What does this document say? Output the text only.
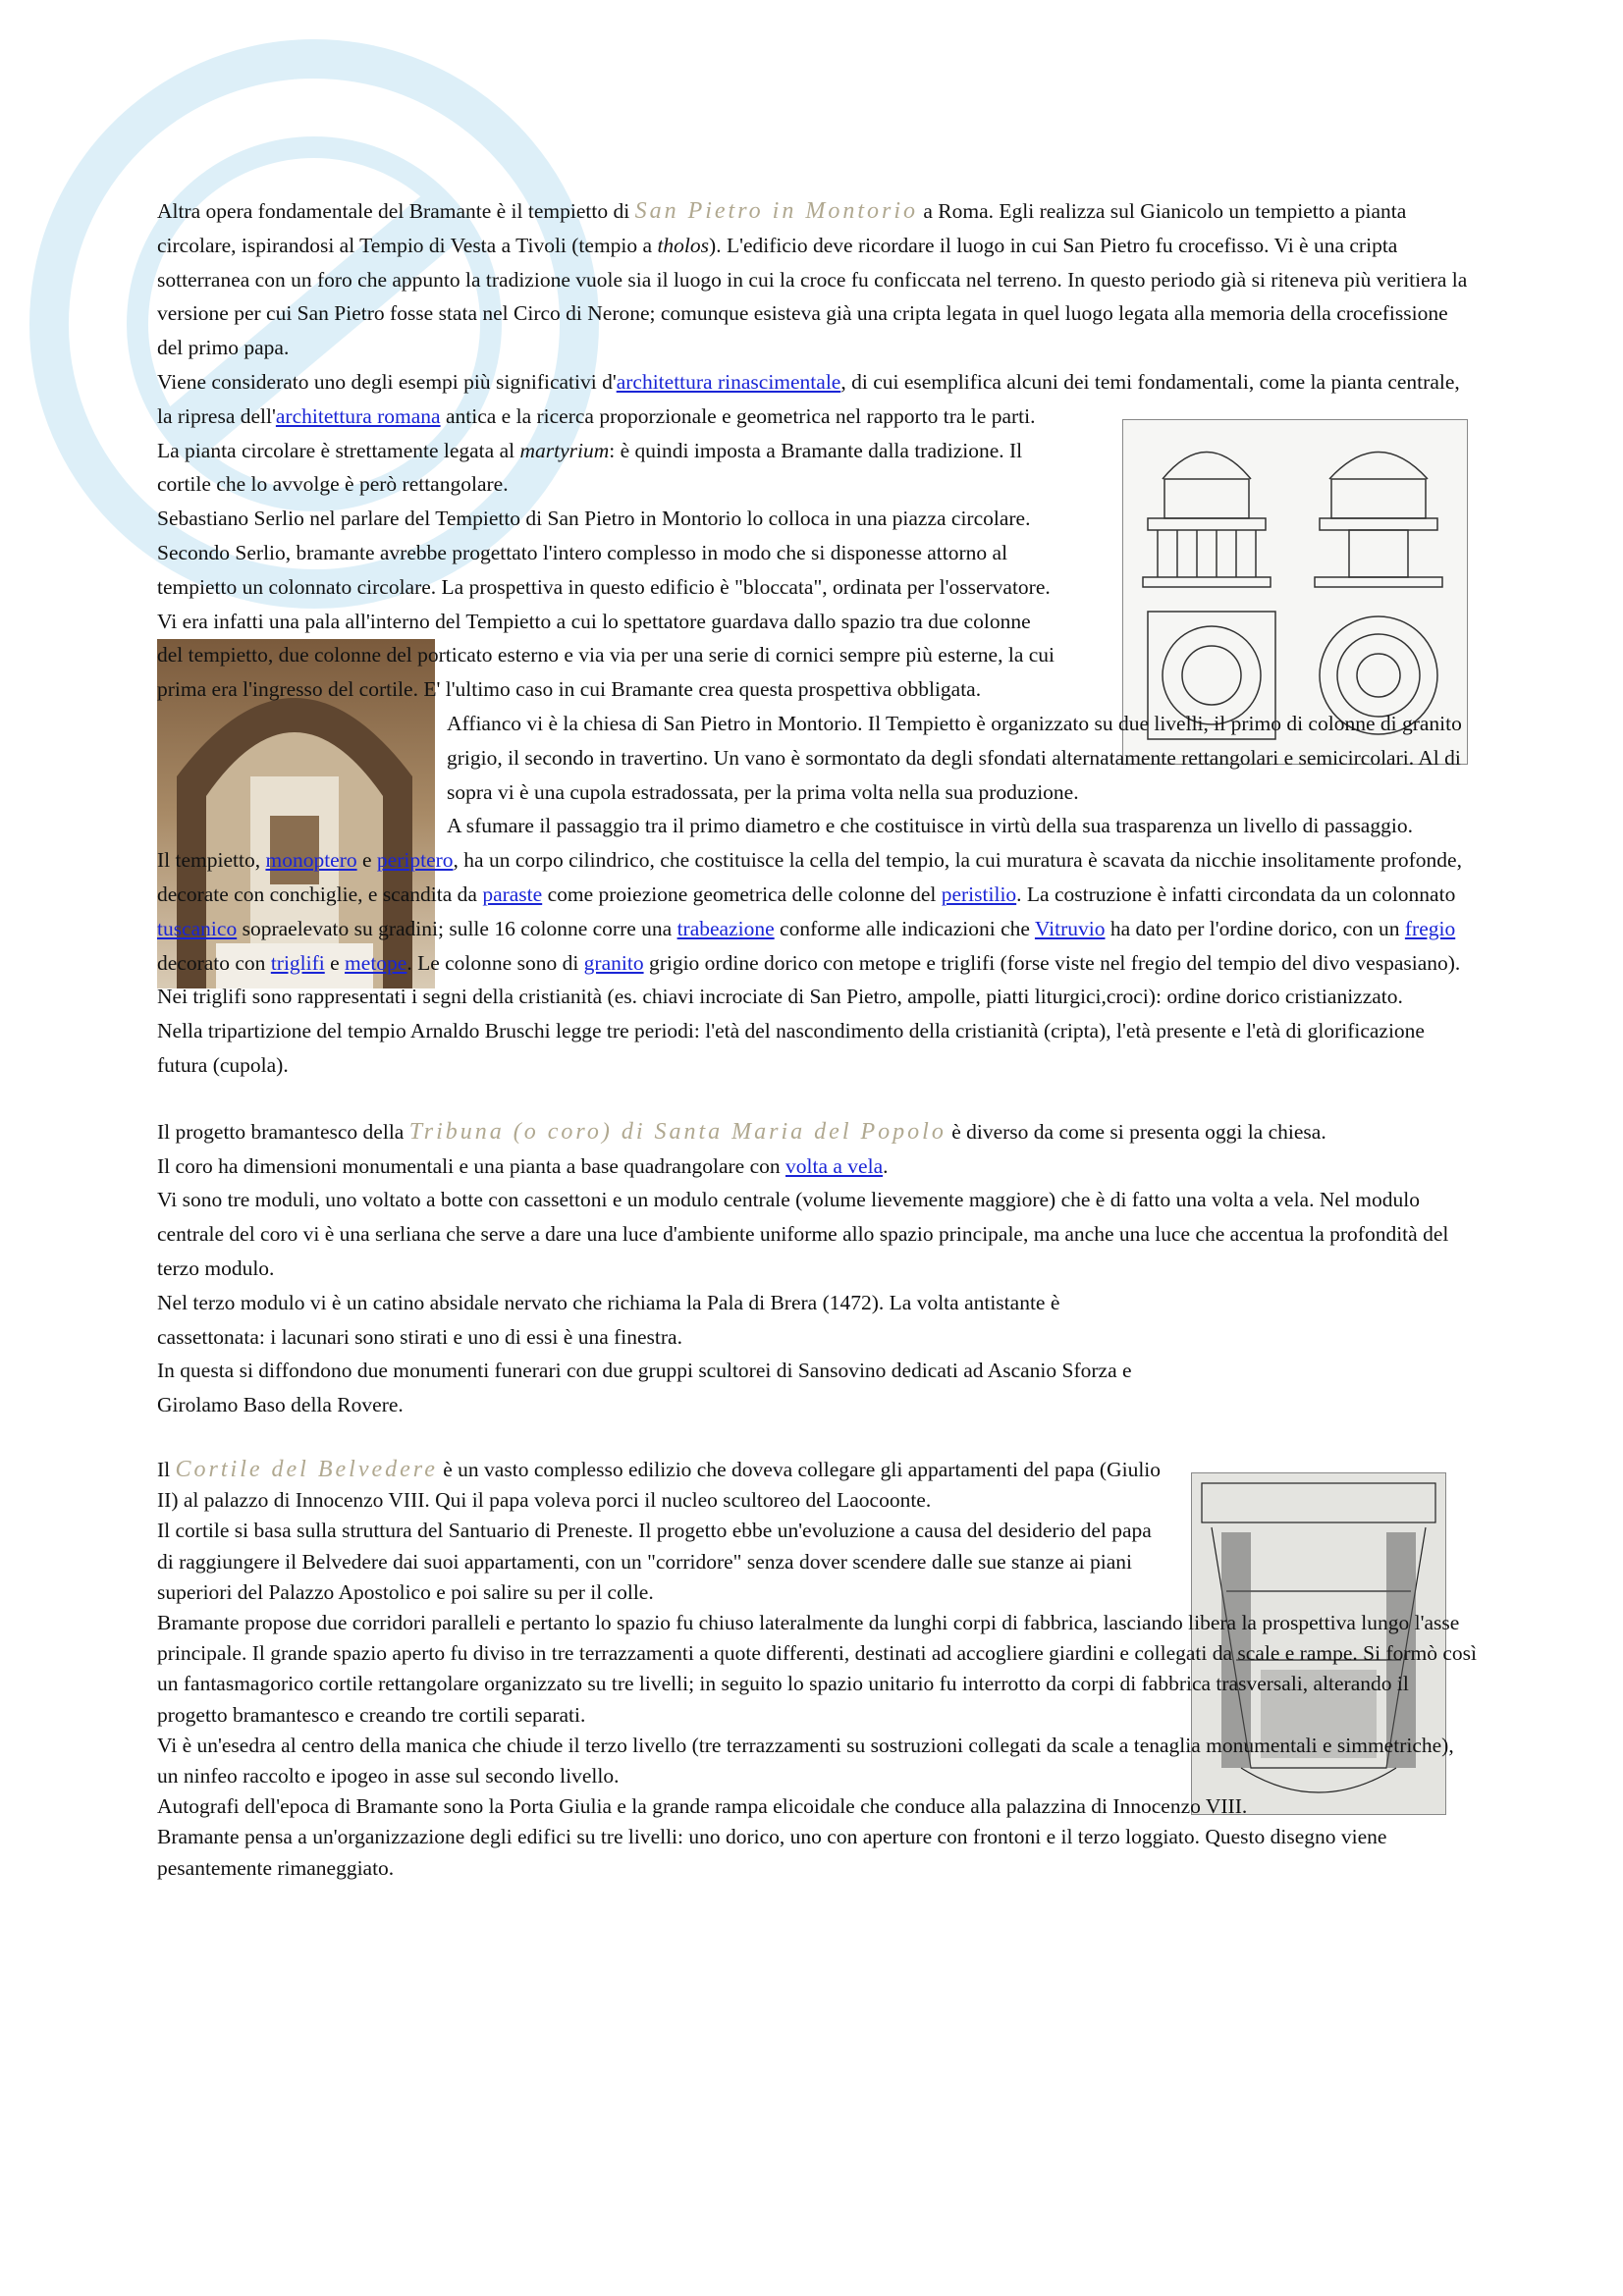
Altra opera fondamentale del Bramante è il tempietto di San Pietro in Montorio a Roma. Egli realizza sul Gianicolo un tempietto a pianta circolare, ispirandosi al Tempio di Vesta a Tivoli (tempio a tholos). L'edificio deve ricordare il luogo in cui San Pietro fu crocefisso. Vi è una cripta sotterranea con un foro che appunto la tradizione vuole sia il luogo in cui la croce fu conficcata nel terreno. In questo periodo già si riteneva più veritiera la versione per cui San Pietro fosse stata nel Circo di Nerone; comunque esisteva già una cripta legata in quel luogo legata alla memoria della crocefissione del primo papa.

Viene considerato uno degli esempi più significativi d'architettura rinascimentale, di cui esemplifica alcuni dei temi fondamentali, come la pianta centrale, la ripresa dell'architettura romana antica e la ricerca proporzionale e geometrica nel rapporto tra le parti.

La pianta circolare è strettamente legata al martyrium: è quindi imposta a Bramante dalla tradizione. Il cortile che lo avvolge è però rettangolare.

Sebastiano Serlio nel parlare del Tempietto di San Pietro in Montorio lo colloca in una piazza circolare. Secondo Serlio, bramante avrebbe progettato l'intero complesso in modo che si disponesse attorno al tempietto un colonnato circolare. La prospettiva in questo edificio è "bloccata", ordinata per l'osservatore. Vi era infatti una pala all'interno del Tempietto a cui lo spettatore guardava dallo spazio tra due colonne del tempietto, due colonne del porticato esterno e via via per una serie di cornici sempre più esterne, la cui prima era l'ingresso del cortile. E' l'ultimo caso in cui Bramante crea questa prospettiva obbligata.

Affianco vi è la chiesa di San Pietro in Montorio. Il Tempietto è organizzato su due livelli, il primo di colonne di granito grigio, il secondo in travertino. Un vano è sormontato da degli sfondati alternatamente rettangolari e semicircolari. Al di sopra vi è una cupola estradossata, per la prima volta nella sua produzione.

A sfumare il passaggio tra il primo diametro e che costituisce in virtù della sua trasparenza un livello di passaggio.

Il tempietto, monoptero e periptero, ha un corpo cilindrico, che costituisce la cella del tempio, la cui muratura è scavata da nicchie insolitamente profonde, decorate con conchiglie, e scandita da paraste come proiezione geometrica delle colonne del peristilio. La costruzione è infatti circondata da un colonnato tuscanico sopraelevato su gradini; sulle 16 colonne corre una trabeazione conforme alle indicazioni che Vitruvio ha dato per l'ordine dorico, con un fregio decorato con triglifi e metope. Le colonne sono di granito grigio ordine dorico con metope e triglifi (forse viste nel fregio del tempio del divo vespasiano). Nei triglifi sono rappresentati i segni della cristianità (es. chiavi incrociate di San Pietro, ampolle, piatti liturgici,croci): ordine dorico cristianizzato.

Nella tripartizione del tempio Arnaldo Bruschi legge tre periodi: l'età del nascondimento della cristianità (cripta), l'età presente e l'età di glorificazione futura (cupola).

Il progetto bramantesco della Tribuna (o coro) di Santa Maria del Popolo è diverso da come si presenta oggi la chiesa.

Il coro ha dimensioni monumentali e una pianta a base quadrangolare con volta a vela.

Vi sono tre moduli, uno voltato a botte con cassettoni e un modulo centrale (volume lievemente maggiore) che è di fatto una volta a vela. Nel modulo centrale del coro vi è una serliana che serve a dare una luce d'ambiente uniforme allo spazio principale, ma anche una luce che accentua la profondità del terzo modulo.

Nel terzo modulo vi è un catino absidale nervato che richiama la Pala di Brera (1472). La volta antistante è cassettonata: i lacunari sono stirati e uno di essi è una finestra.

In questa si diffondono due monumenti funerari con due gruppi scultorei di Sansovino dedicati ad Ascanio Sforza e Girolamo Baso della Rovere.

Il Cortile del Belvedere è un vasto complesso edilizio che doveva collegare gli appartamenti del papa (Giulio II) al palazzo di Innocenzo VIII. Qui il papa voleva porci il nucleo scultoreo del Laocoonte.

Il cortile si basa sulla struttura del Santuario di Preneste. Il progetto ebbe un'evoluzione a causa del desiderio del papa di raggiungere il Belvedere dai suoi appartamenti, con un "corridore" senza dover scendere dalle sue stanze ai piani superiori del Palazzo Apostolico e poi salire su per il colle.

Bramante propose due corridori paralleli e pertanto lo spazio fu chiuso lateralmente da lunghi corpi di fabbrica, lasciando libera la prospettiva lungo l'asse principale. Il grande spazio aperto fu diviso in tre terrazzamenti a quote differenti, destinati ad accogliere giardini e collegati da scale e rampe. Si formò così un fantasmagorico cortile rettangolare organizzato su tre livelli; in seguito lo spazio unitario fu interrotto da corpi di fabbrica trasversali, alterando il progetto bramantesco e creando tre cortili separati.

Vi è un'esedra al centro della manica che chiude il terzo livello (tre terrazzamenti su sostruzioni collegati da scale a tenaglia monumentali e simmetriche), un ninfeo raccolto e ipogeo in asse sul secondo livello.

Autografi dell'epoca di Bramante sono la Porta Giulia e la grande rampa elicoidale che conduce alla palazzina di Innocenzo VIII.

Bramante pensa a un'organizzazione degli edifici su tre livelli: uno dorico, uno con aperture con frontoni e il terzo loggiato. Questo disegno viene pesantemente rimaneggiato.
